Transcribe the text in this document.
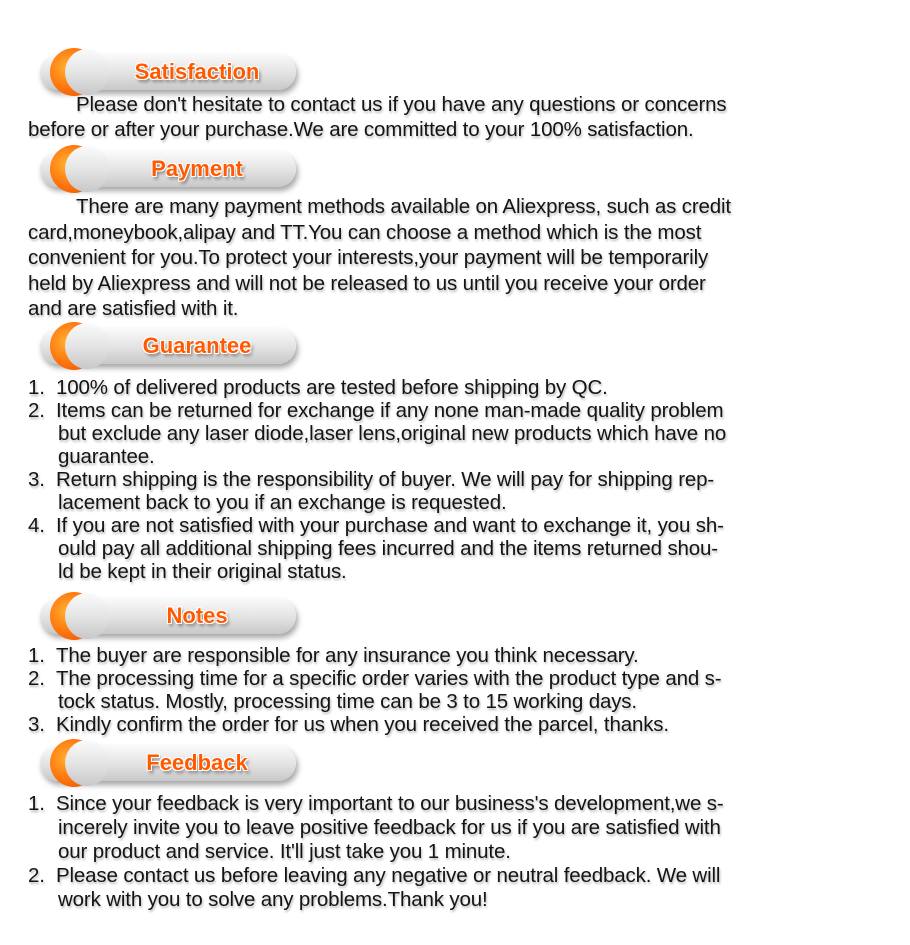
Satisfaction
Please don't hesitate to contact us if you have any questions or concerns
before or after your purchase.We are committed to your 100% satisfaction.
Payment
There are many payment methods available on Aliexpress, such as credit
card,moneybook,alipay and TT.You can choose a method which is the most
convenient for you.To protect your interests,your payment will be temporarily
held by Aliexpress and will not be released to us until you receive your order
and are satisfied with it.
Guarantee
1. 100% of delivered products are tested before shipping by QC.
2. Items can be returned for exchange if any none man-made quality problem
but exclude any laser diode,laser lens,original new products which have no
guarantee.
3. Return shipping is the responsibility of buyer. We will pay for shipping rep-
lacement back to you if an exchange is requested.
4. If you are not satisfied with your purchase and want to exchange it, you sh-
ould pay all additional shipping fees incurred and the items returned shou-
ld be kept in their original status.
Notes
1. The buyer are responsible for any insurance you think necessary.
2. The processing time for a specific order varies with the product type and s-
tock status. Mostly, processing time can be 3 to 15 working days.
3. Kindly confirm the order for us when you received the parcel, thanks.
Feedback
1. Since your feedback is very important to our business's development,we s-
incerely invite you to leave positive feedback for us if you are satisfied with
our product and service. It'll just take you 1 minute.
2. Please contact us before leaving any negative or neutral feedback. We will
work with you to solve any problems.Thank you!
